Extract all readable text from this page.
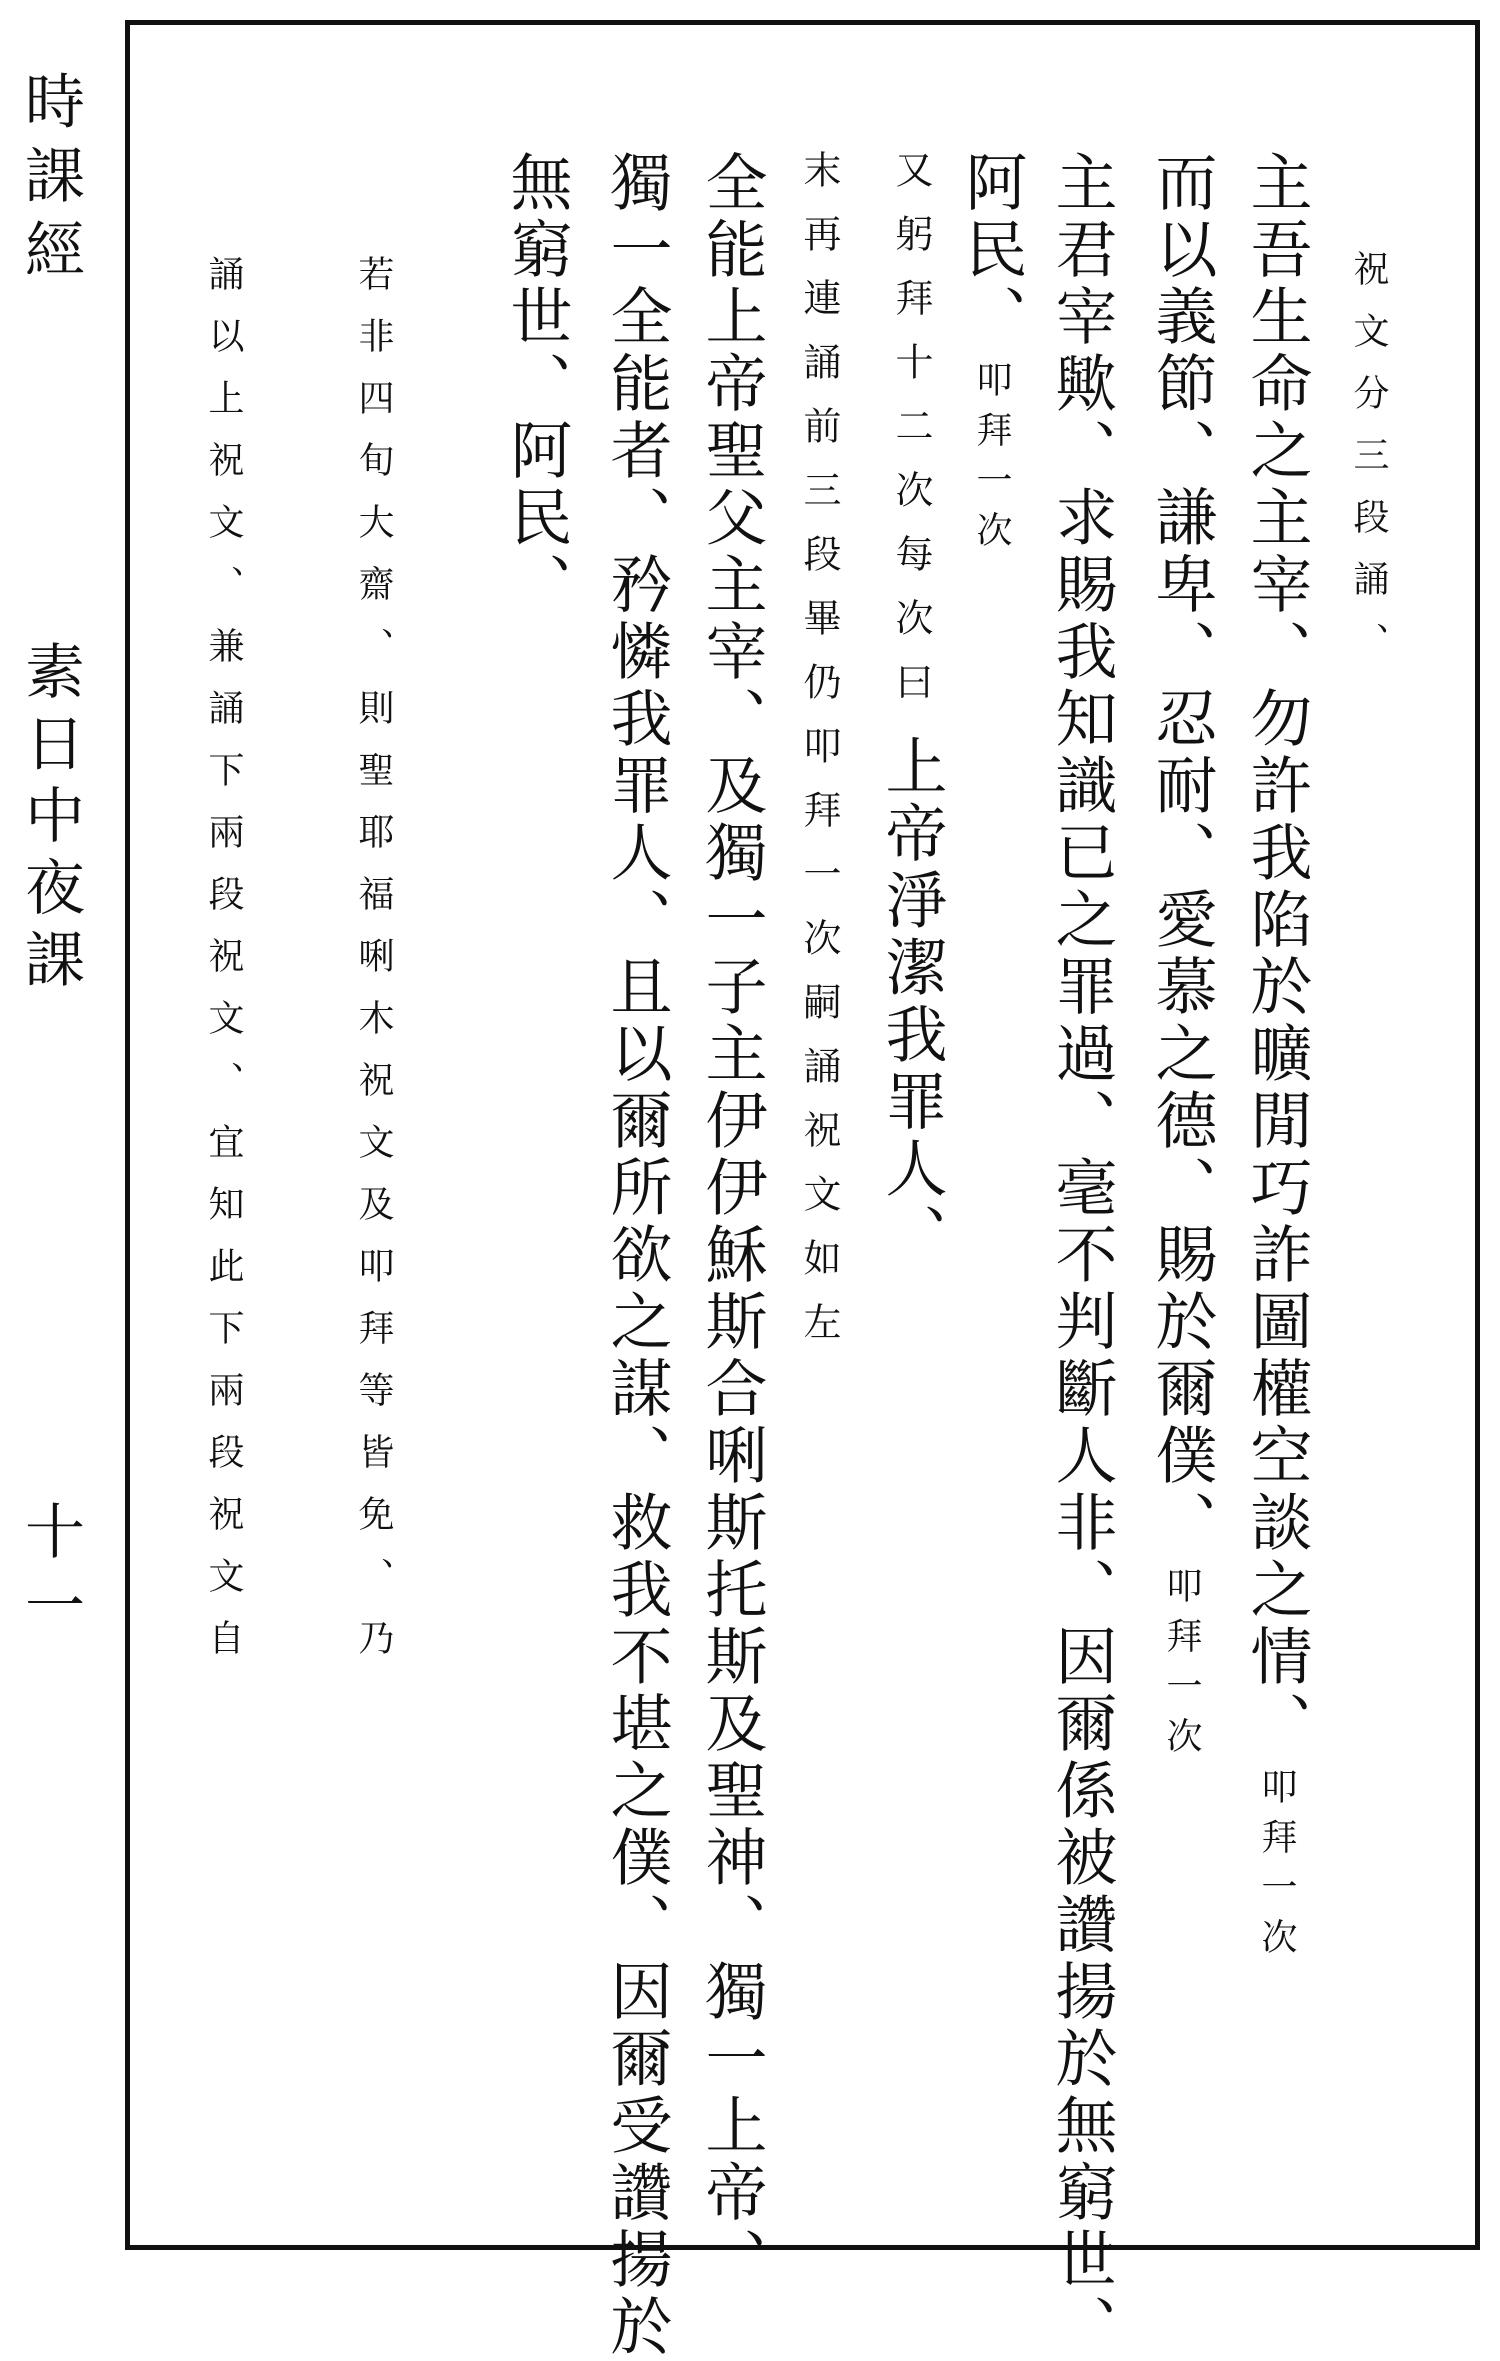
時課經
素日中夜課
十一
祝文分三段誦、
主吾生命之主宰、勿許我陷於曠閒巧詐圖權空談之情、叩拜一次
而以義節、謙卑、忍耐、愛慕之德、賜於爾僕、叩拜一次
主君宰歟、求賜我知識已之罪過、毫不判斷人非、因爾係被讚揚於無窮世、
阿民、叩拜一次
又躬拜十二次每次曰上帝淨潔我罪人、
末再連誦前三段畢仍叩拜一次嗣誦祝文如左
全能上帝聖父主宰、及獨一子主伊伊穌斯合唎斯托斯及聖神、獨一上帝、
獨一全能者、矜憐我罪人、且以爾所欲之謀、救我不堪之僕、因爾受讚揚於
無窮世、阿民、
若非四旬大齋、則聖耶福唎木祝文及叩拜等皆免、乃
誦以上祝文、兼誦下兩段祝文、宜知此下兩段祝文自
